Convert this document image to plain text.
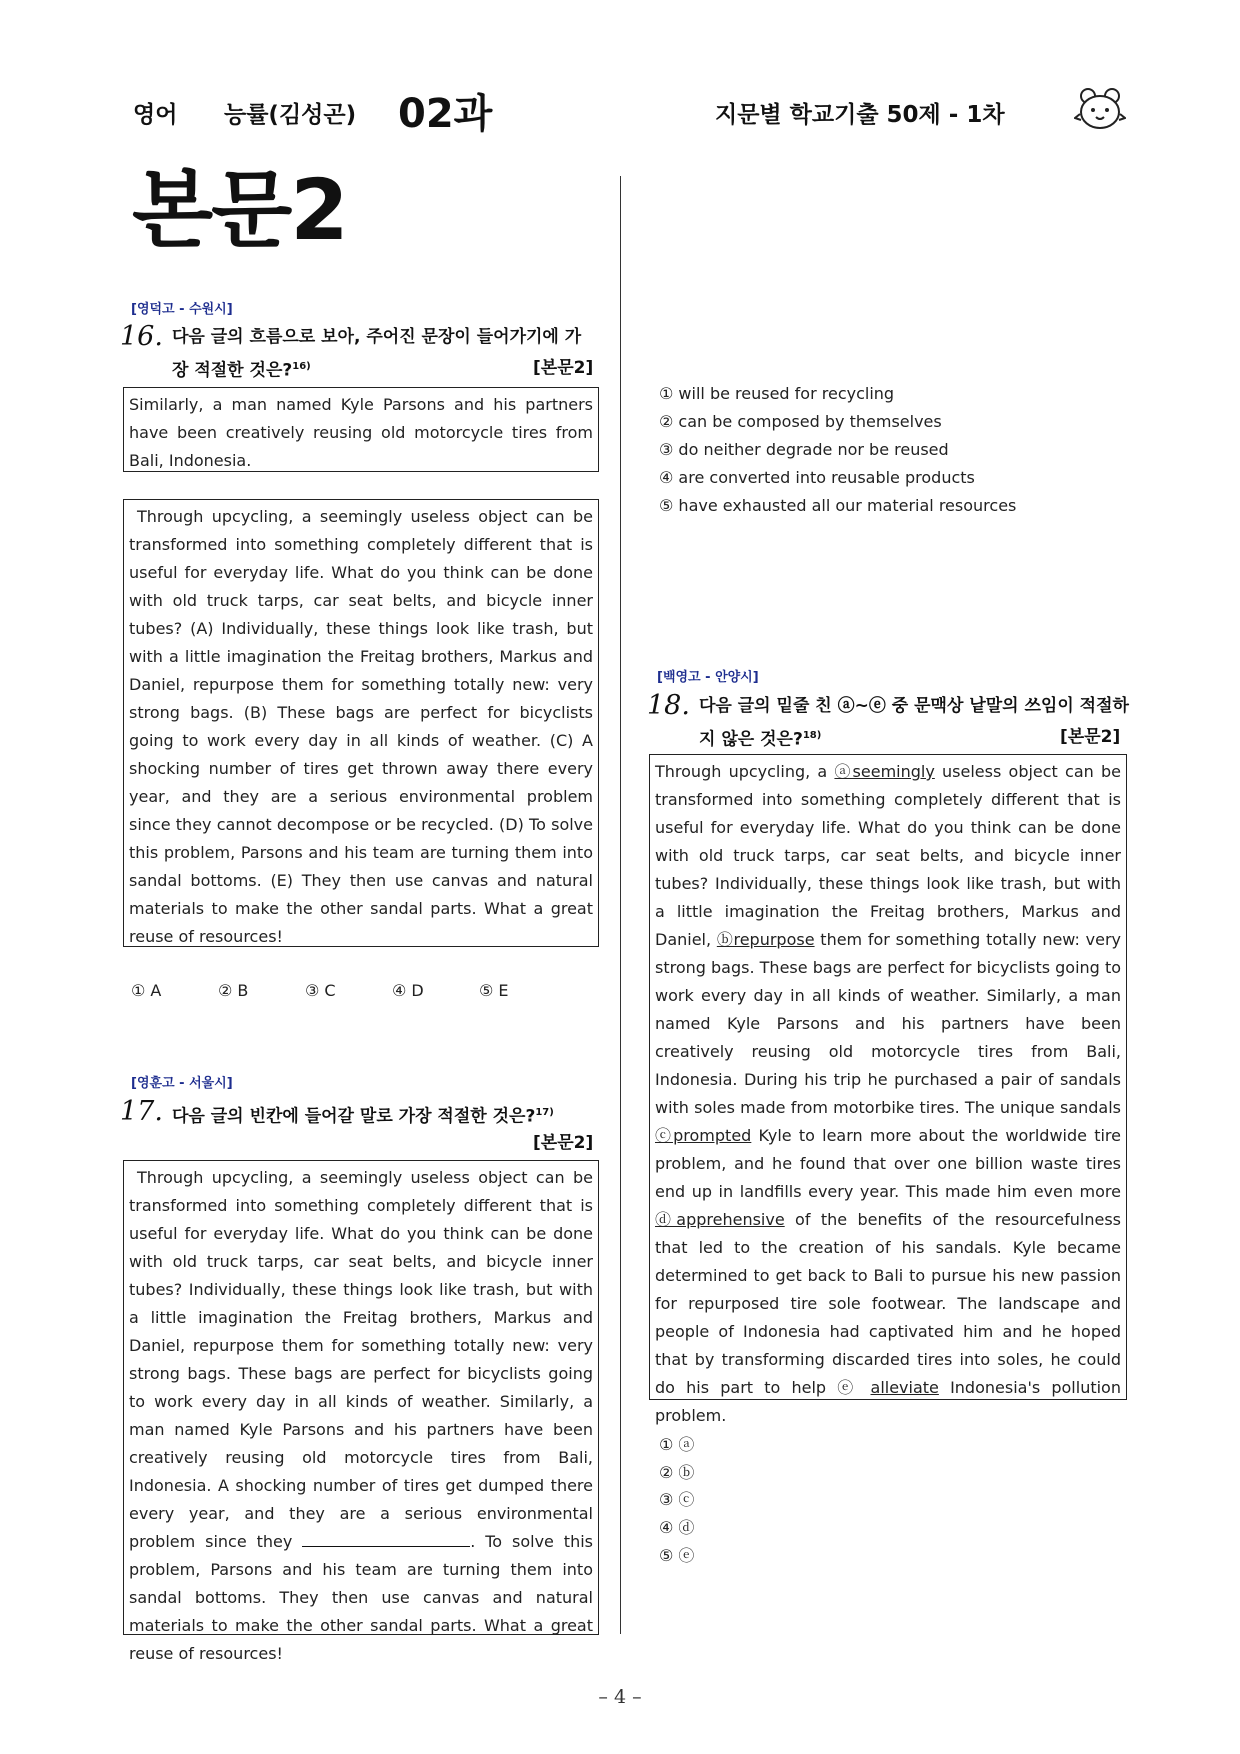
영어 능률(김성곤) 02과	지문별 학교기출 50제 - 1차
본문2
[영덕고 - 수원시]
16. 다음 글의 흐름으로 보아, 주어진 문장이 들어가기에 가장 적절한 것은?$^{16)}$	[본문2]
Similarly, a man named Kyle Parsons and his partners have been creatively reusing old motorcycle tires from Bali, Indonesia.
Through upcycling, a seemingly useless object can be transformed into something completely different that is useful for everyday life. What do you think can be done with old truck tarps, car seat belts, and bicycle inner tubes? (A) Individually, these things look like trash, but with a little imagination the Freitag brothers, Markus and Daniel, repurpose them for something totally new: very strong bags. (B) These bags are perfect for bicyclists going to work every day in all kinds of weather. (C) A shocking number of tires get thrown away there every year, and they are a serious environmental problem since they cannot decompose or be recycled. (D) To solve this problem, Parsons and his team are turning them into sandal bottoms. (E) They then use canvas and natural materials to make the other sandal parts. What a great reuse of resources!
① A	② B	③ C	④ D	⑤ E
[영훈고 - 서울시]
17. 다음 글의 빈칸에 들어갈 말로 가장 적절한 것은?$^{17)}$
[본문2]
Through upcycling, a seemingly useless object can be transformed into something completely different that is useful for everyday life. What do you think can be done with old truck tarps, car seat belts, and bicycle inner tubes? Individually, these things look like trash, but with a little imagination the Freitag brothers, Markus and Daniel, repurpose them for something totally new: very strong bags. These bags are perfect for bicyclists going to work every day in all kinds of weather. Similarly, a man named Kyle Parsons and his partners have been creatively reusing old motorcycle tires from Bali, Indonesia. A shocking number of tires get dumped there every year, and they are a serious environmental problem since they	. To solve this problem, Parsons and his team are turning them into sandal bottoms. They then use canvas and natural materials to make the other sandal parts. What a great reuse of resources!
① will be reused for recycling
② can be composed by themselves
③ do neither degrade nor be reused
④ are converted into reusable products
⑤ have exhausted all our material resources
[백영고 - 안양시]
18. 다음 글의 밑줄 친 ⓐ~ⓔ 중 문맥상 낱말의 쓰임이 적절하지 않은 것은?$^{18)}$	[본문2]
Through upcycling, a ⓐseemingly useless object can be transformed into something completely different that is useful for everyday life. What do you think can be done with old truck tarps, car seat belts, and bicycle inner tubes? Individually, these things look like trash, but with a little imagination the Freitag brothers, Markus and Daniel, ⓑrepurpose them for something totally new: very strong bags. These bags are perfect for bicyclists going to work every day in all kinds of weather. Similarly, a man named Kyle Parsons and his partners have been creatively reusing old motorcycle tires from Bali, Indonesia. During his trip he purchased a pair of sandals with soles made from motorbike tires. The unique sandals ⓒprompted Kyle to learn more about the worldwide tire problem, and he found that over one billion waste tires end up in landfills every year. This made him even more ⓓapprehensive of the benefits of the resourcefulness that led to the creation of his sandals. Kyle became determined to get back to Bali to pursue his new passion for repurposed tire sole footwear. The landscape and people of Indonesia had captivated him and he hoped that by transforming discarded tires into soles, he could do his part to help ⓔ alleviate Indonesia's pollution problem.
① ⓐ
② ⓑ
③ ⓒ
④ ⓓ
⑤ ⓔ
– 4 –
